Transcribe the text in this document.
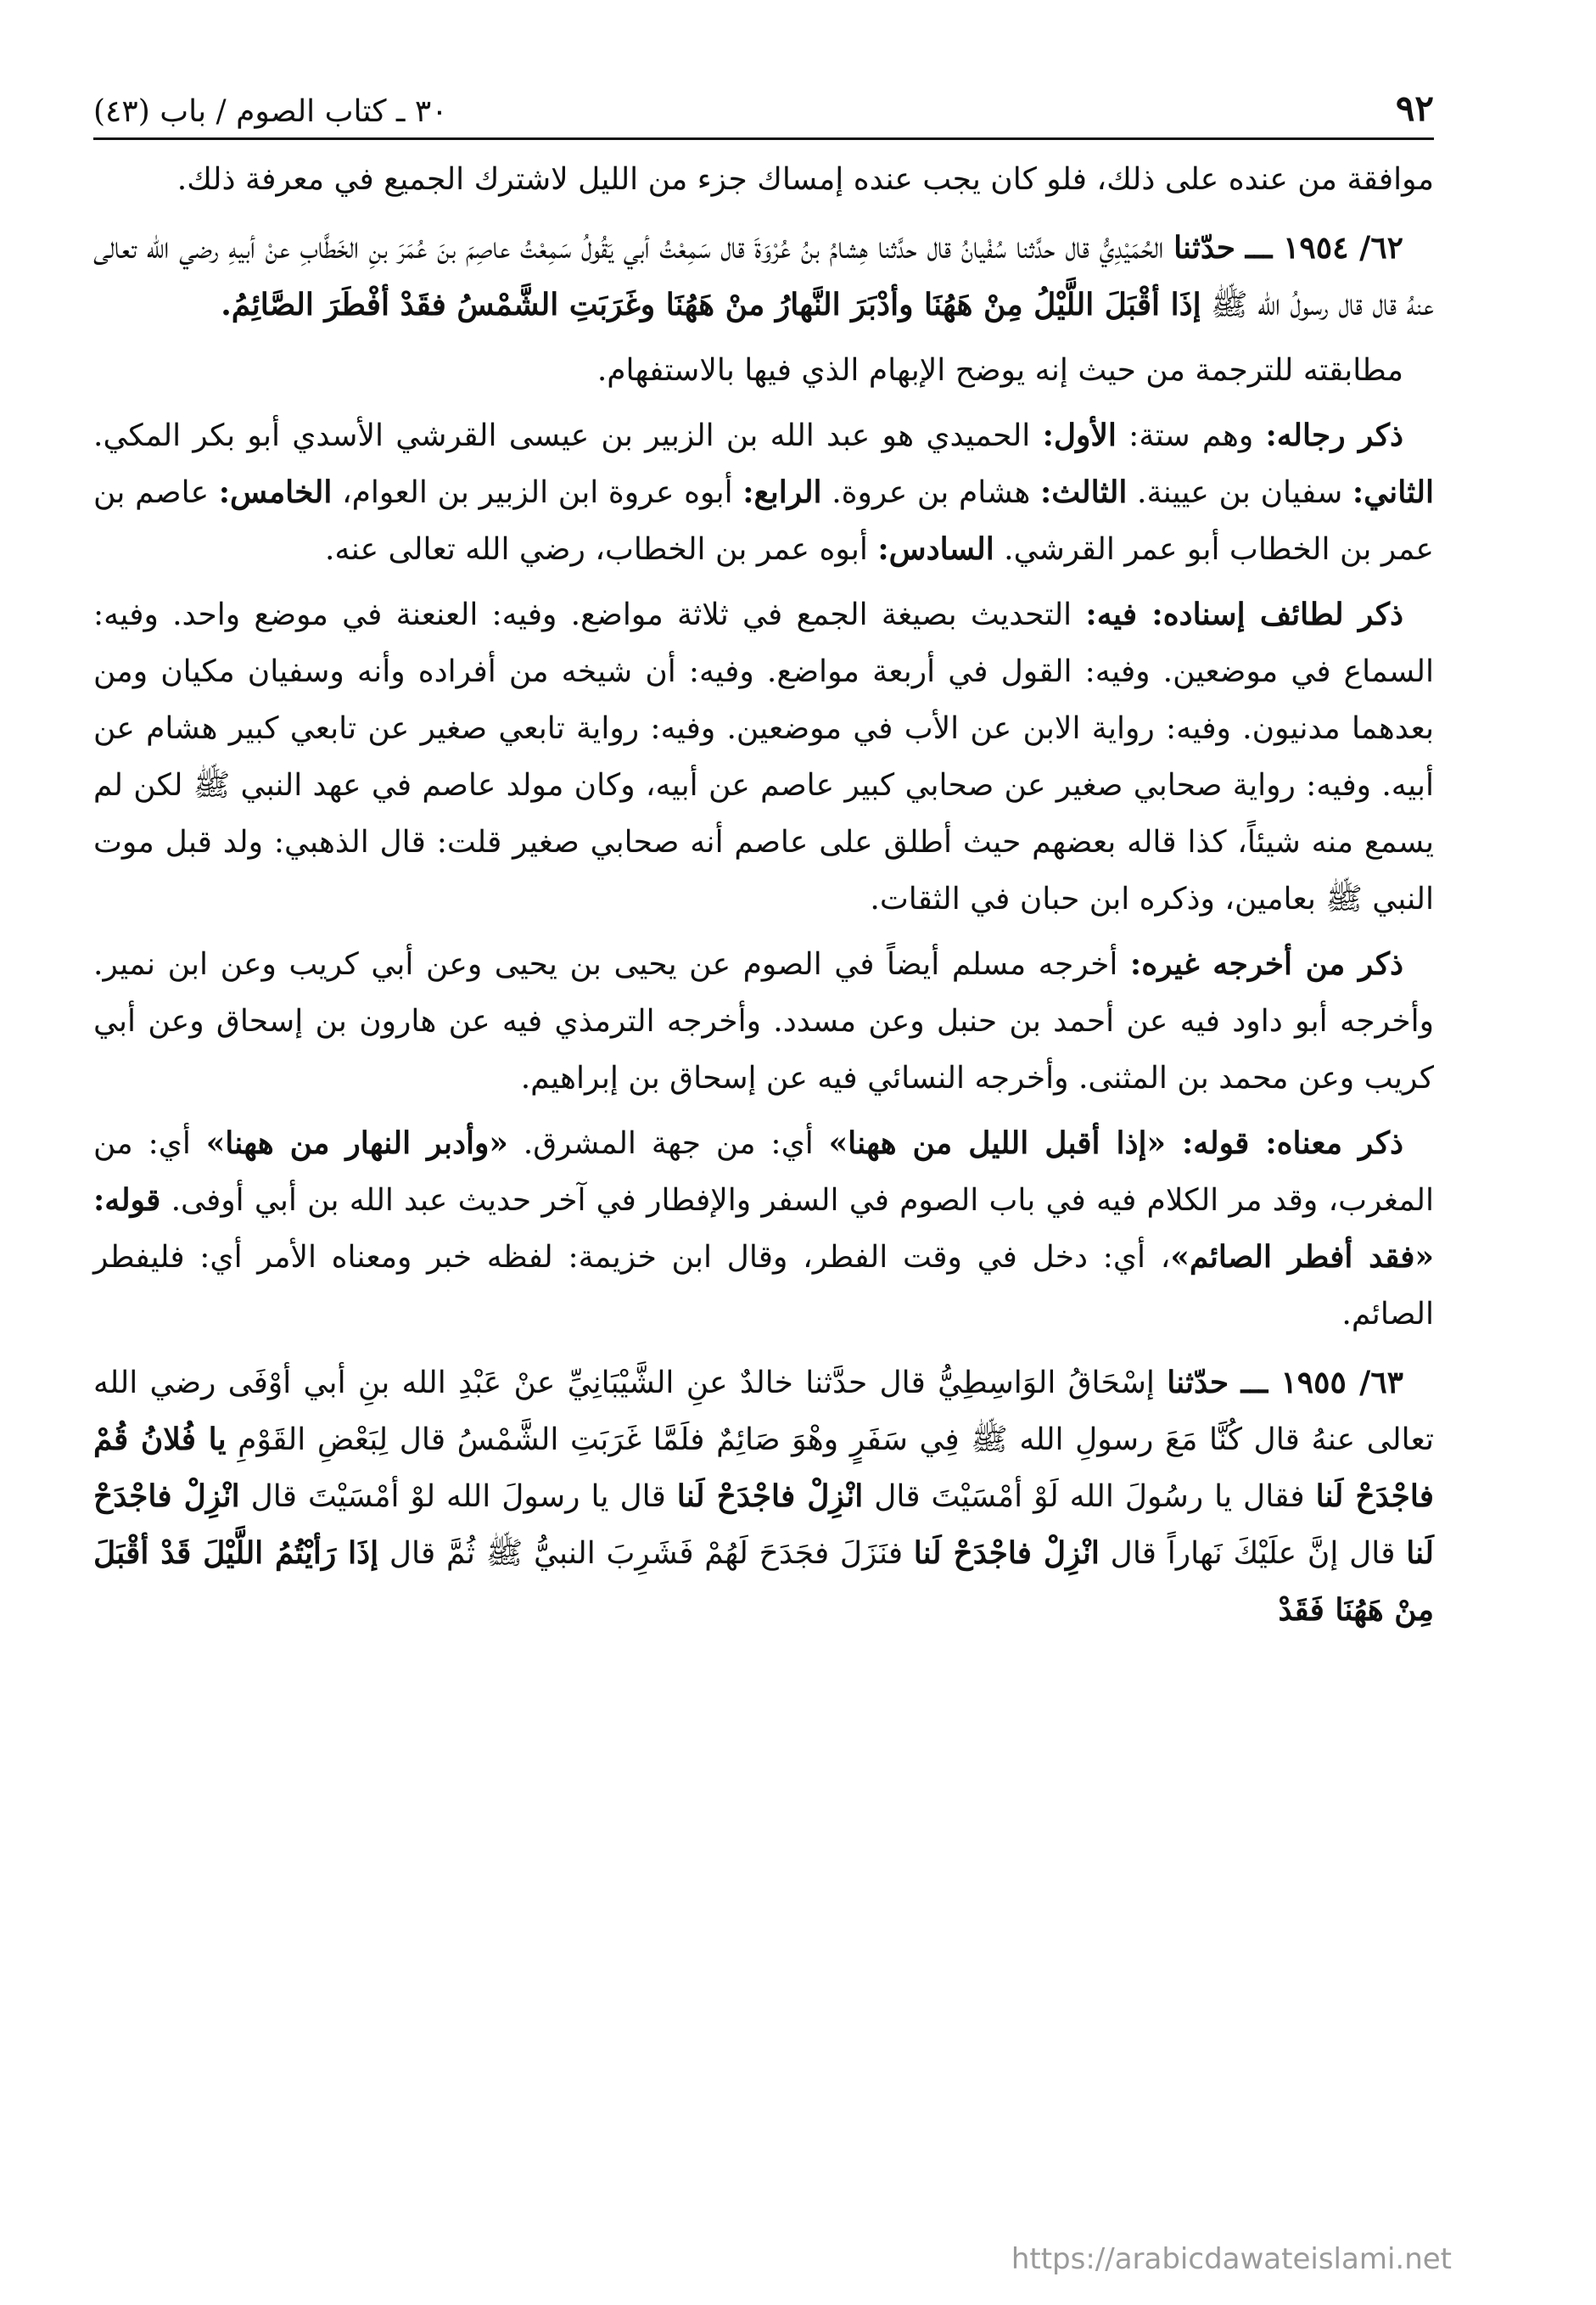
٩٢
٣٠ ـ كتاب الصوم / باب (٤٣)

موافقة من عنده على ذلك، فلو كان يجب عنده إمساك جزء من الليل لاشترك الجميع في معرفة ذلك.

٦٢/ ١٩٥٤ ـــ حدّثنا الحُمَيْدِيُّ قال حدَّثنا سُفْيانُ قال حدَّثنا هِشامُ بنُ عُرْوَةَ قال سَمِعْتُ أبي يَقُولُ سَمِعْتُ عاصِمَ بنَ عُمَرَ بنِ الخَطَّابِ عنْ أبيهِ رضي الله تعالى عنهُ قال قال رسولُ الله ﷺ إذَا أقْبَلَ اللَّيْلُ مِنْ هَهُنَا وأدْبَرَ النَّهارُ منْ هَهُنَا وغَرَبَتِ الشَّمْسُ فقَدْ أفْطَرَ الصَّائِمُ.

مطابقته للترجمة من حيث إنه يوضح الإبهام الذي فيها بالاستفهام.

ذكر رجاله: وهم ستة: الأول: الحميدي هو عبد الله بن الزبير بن عيسى القرشي الأسدي أبو بكر المكي. الثاني: سفيان بن عيينة. الثالث: هشام بن عروة. الرابع: أبوه عروة ابن الزبير بن العوام، الخامس: عاصم بن عمر بن الخطاب أبو عمر القرشي. السادس: أبوه عمر بن الخطاب، رضي الله تعالى عنه.

ذكر لطائف إسناده: فيه: التحديث بصيغة الجمع في ثلاثة مواضع. وفيه: العنعنة في موضع واحد. وفيه: السماع في موضعين. وفيه: القول في أربعة مواضع. وفيه: أن شيخه من أفراده وأنه وسفيان مكيان ومن بعدهما مدنيون. وفيه: رواية الابن عن الأب في موضعين. وفيه: رواية تابعي صغير عن تابعي كبير هشام عن أبيه. وفيه: رواية صحابي صغير عن صحابي كبير عاصم عن أبيه، وكان مولد عاصم في عهد النبي ﷺ لكن لم يسمع منه شيئاً، كذا قاله بعضهم حيث أطلق على عاصم أنه صحابي صغير قلت: قال الذهبي: ولد قبل موت النبي ﷺ بعامين، وذكره ابن حبان في الثقات.

ذكر من أخرجه غيره: أخرجه مسلم أيضاً في الصوم عن يحيى بن يحيى وعن أبي كريب وعن ابن نمير. وأخرجه أبو داود فيه عن أحمد بن حنبل وعن مسدد. وأخرجه الترمذي فيه عن هارون بن إسحاق وعن أبي كريب وعن محمد بن المثنى. وأخرجه النسائي فيه عن إسحاق بن إبراهيم.

ذكر معناه: قوله: «إذا أقبل الليل من ههنا» أي: من جهة المشرق. «وأدبر النهار من ههنا» أي: من المغرب، وقد مر الكلام فيه في باب الصوم في السفر والإفطار في آخر حديث عبد الله بن أبي أوفى. قوله: «فقد أفطر الصائم»، أي: دخل في وقت الفطر، وقال ابن خزيمة: لفظه خبر ومعناه الأمر أي: فليفطر الصائم.

٦٣/ ١٩٥٥ ـــ حدّثنا إسْحَاقُ الوَاسِطِيُّ قال حدَّثنا خالدٌ عنِ الشَّيْبَانِيِّ عنْ عَبْدِ الله بنِ أبي أوْفَى رضي الله تعالى عنهُ قال كُنَّا مَعَ رسولِ الله ﷺ فِي سَفَرٍ وهْوَ صَائِمٌ فلَمَّا غَرَبَتِ الشَّمْسُ قال لِبَعْضِ القَوْمِ يا فُلانُ قُمْ فاجْدَحْ لَنا فقال يا رسُولَ الله لَوْ أمْسَيْتَ قال انْزِلْ فاجْدَحْ لَنا قال يا رسولَ الله لوْ أمْسَيْتَ قال انْزِلْ فاجْدَحْ لَنا قال إنَّ علَيْكَ نَهاراً قال انْزِلْ فاجْدَحْ لَنا فنَزَلَ فجَدَحَ لَهُمْ فَشَرِبَ النبيُّ ﷺ ثُمَّ قال إذَا رَأيْتُمُ اللَّيْلَ قَدْ أقْبَلَ مِنْ هَهُنَا فَقَدْ

https://arabicdawateislami.net
